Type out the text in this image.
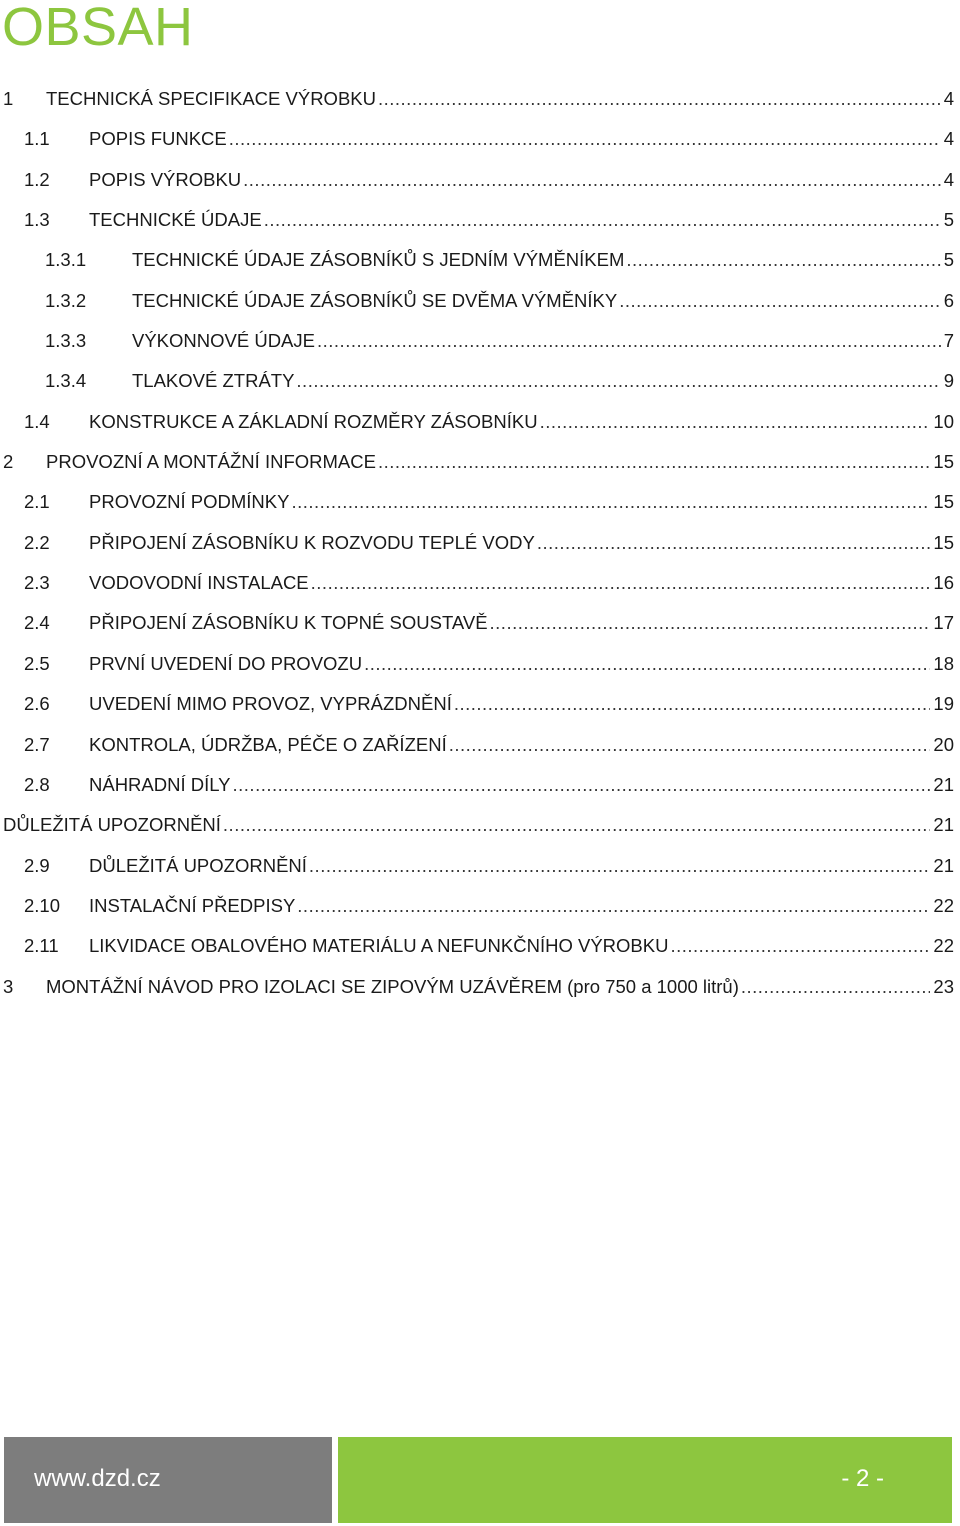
OBSAH
1	TECHNICKÁ SPECIFIKACE VÝROBKU .....	4
1.1	POPIS FUNKCE .....	4
1.2	POPIS VÝROBKU .....	4
1.3	TECHNICKÉ ÚDAJE .....	5
1.3.1	TECHNICKÉ ÚDAJE ZÁSOBNÍKŮ S JEDNÍM VÝMĚNÍKEM .....	5
1.3.2	TECHNICKÉ ÚDAJE ZÁSOBNÍKŮ SE DVĚMA VÝMĚNÍKY .....	6
1.3.3	VÝKONNOVÉ ÚDAJE .....	7
1.3.4	TLAKOVÉ ZTRÁTY .....	9
1.4	KONSTRUKCE A ZÁKLADNÍ ROZMĚRY ZÁSOBNÍKU .....	10
2	PROVOZNÍ A MONTÁŽNÍ INFORMACE .....	15
2.1	PROVOZNÍ PODMÍNKY .....	15
2.2	PŘIPOJENÍ ZÁSOBNÍKU K ROZVODU TEPLÉ VODY .....	15
2.3	VODOVODNÍ INSTALACE .....	16
2.4	PŘIPOJENÍ ZÁSOBNÍKU K TOPNÉ SOUSTAVĚ .....	17
2.5	PRVNÍ UVEDENÍ DO PROVOZU .....	18
2.6	UVEDENÍ MIMO PROVOZ, VYPRÁZDNĚNÍ .....	19
2.7	KONTROLA, ÚDRŽBA, PÉČE O ZAŘÍZENÍ .....	20
2.8	NÁHRADNÍ DÍLY .....	21
DŮLEŽITÁ UPOZORNĚNÍ .....	21
2.9	DŮLEŽITÁ UPOZORNĚNÍ .....	21
2.10	INSTALAČNÍ PŘEDPISY .....	22
2.11	LIKVIDACE OBALOVÉHO MATERIÁLU A NEFUNKČNÍHO VÝROBKU .....	22
3	MONTÁŽNÍ NÁVOD PRO IZOLACI SE ZIPOVÝM UZÁVĚREM (pro 750 a 1000 litrů) .....	23
www.dzd.cz	- 2 -
